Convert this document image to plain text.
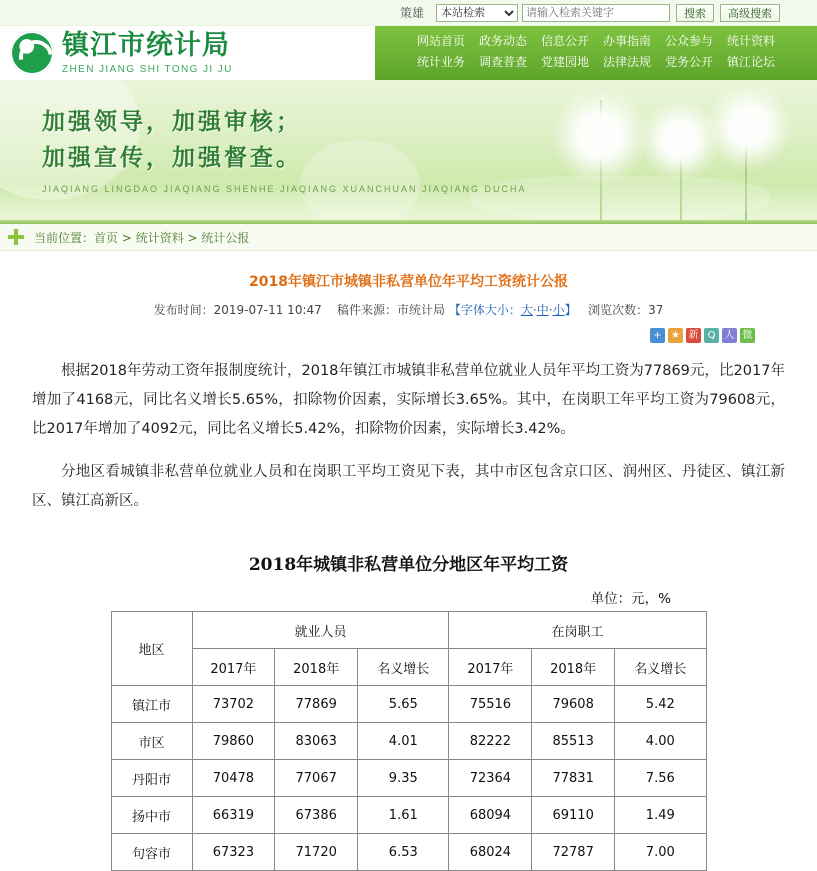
策雄
本站检索
请输入检索关键字	搜索	高级搜索
镇江市统计局
ZHEN JIANG SHI TONG JI JU
网站首页 政务动态 信息公开 办事指南 公众参与 统计资料
统计业务 调查普查 党建园地 法律法规 党务公开 镇江论坛
加强领导，加强审核；
加强宣传，加强督查。
JIAQIANG LINGDAO JIAQIANG SHENHE JIAQIANG XUANCHUAN JIAQIANG DUCHA
当前位置：首页 > 统计资料 > 统计公报
2018年镇江市城镇非私营单位年平均工资统计公报
发布时间：2019-07-11 10:47 稿件来源：市统计局 【字体大小：大·中·小】 浏览次数：37
+ ★ 新 Q 人 微

根据2018年劳动工资年报制度统计，2018年镇江市城镇非私营单位就业人员年平均工资为77869元，比2017年增加了4168元，同比名义增长5.65%，扣除物价因素，实际增长3.65%。其中，在岗职工年平均工资为79608元，比2017年增加了4092元，同比名义增长5.42%，扣除物价因素，实际增长3.42%。

分地区看城镇非私营单位就业人员和在岗职工平均工资见下表，其中市区包含京口区、润州区、丹徒区、镇江新区、镇江高新区。

2018年城镇非私营单位分地区年平均工资
单位：元，%
地区	就业人员			在岗职工		
	2017年	2018年	名义增长	2017年	2018年	名义增长
镇江市	73702	77869	5.65	75516	79608	5.42
市区	79860	83063	4.01	82222	85513	4.00
丹阳市	70478	77067	9.35	72364	77831	7.56
扬中市	66319	67386	1.61	68094	69110	1.49
句容市	67323	71720	6.53	68024	72787	7.00
